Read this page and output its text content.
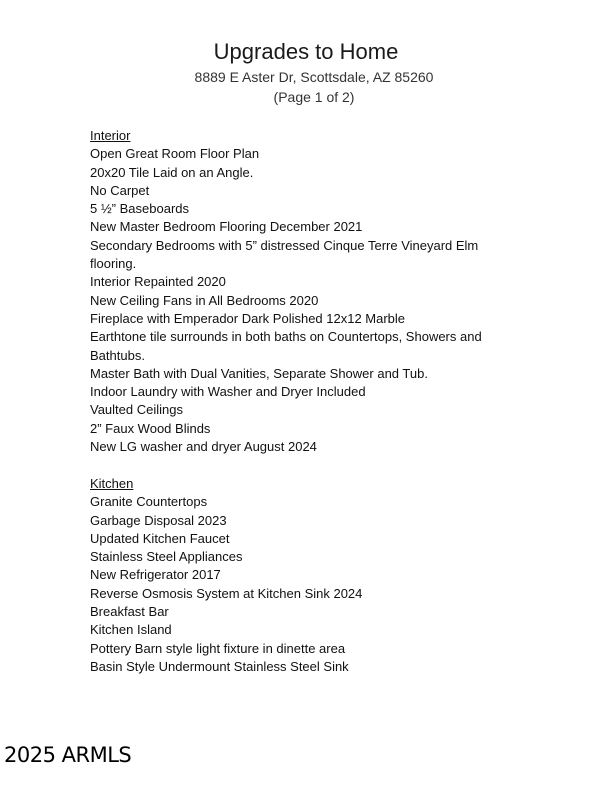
Upgrades to Home

8889 E Aster Dr, Scottsdale, AZ 85260

(Page 1 of 2)

Interior
Open Great Room Floor Plan
20x20 Tile Laid on an Angle.
No Carpet
5 ½” Baseboards
New Master Bedroom Flooring December 2021
Secondary Bedrooms with 5” distressed Cinque Terre Vineyard Elm flooring.
Interior Repainted 2020
New Ceiling Fans in All Bedrooms 2020
Fireplace with Emperador Dark Polished 12x12 Marble
Earthtone tile surrounds in both baths on Countertops, Showers and Bathtubs.
Master Bath with Dual Vanities, Separate Shower and Tub.
Indoor Laundry with Washer and Dryer Included
Vaulted Ceilings
2” Faux Wood Blinds
New LG washer and dryer August 2024
Kitchen
Granite Countertops
Garbage Disposal 2023
Updated Kitchen Faucet
Stainless Steel Appliances
New Refrigerator 2017
Reverse Osmosis System at Kitchen Sink 2024
Breakfast Bar
Kitchen Island
Pottery Barn style light fixture in dinette area
Basin Style Undermount Stainless Steel Sink
2025 ARMLS
